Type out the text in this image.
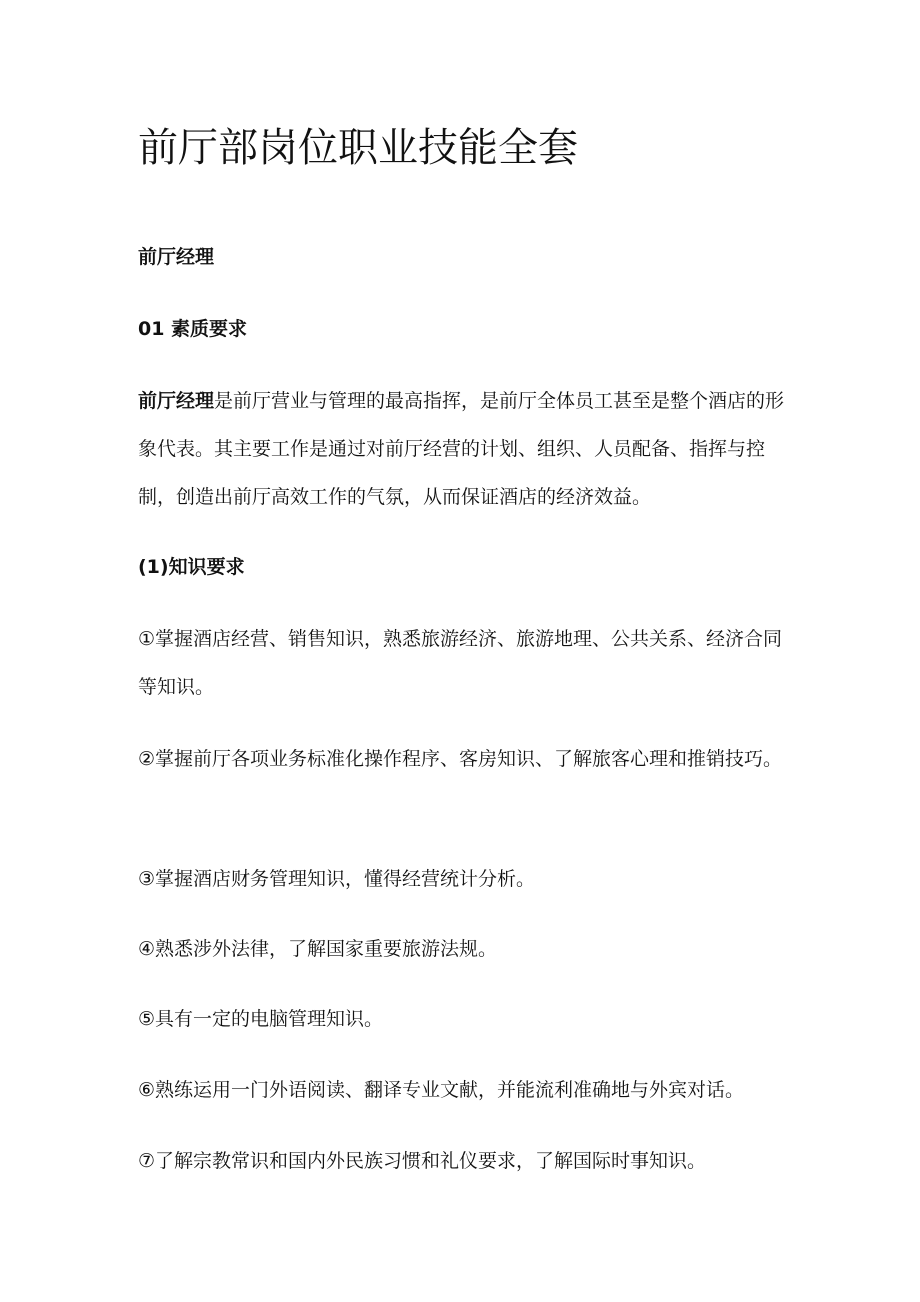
前厅部岗位职业技能全套
前厅经理
01 素质要求

前厅经理是前厅营业与管理的最高指挥，是前厅全体员工甚至是整个酒店的形象代表。其主要工作是通过对前厅经营的计划、组织、人员配备、指挥与控制，创造出前厅高效工作的气氛，从而保证酒店的经济效益。

(1)知识要求

①掌握酒店经营、销售知识，熟悉旅游经济、旅游地理、公共关系、经济合同等知识。

②掌握前厅各项业务标准化操作程序、客房知识、了解旅客心理和推销技巧。

③掌握酒店财务管理知识，懂得经营统计分析。

④熟悉涉外法律，了解国家重要旅游法规。

⑤具有一定的电脑管理知识。

⑥熟练运用一门外语阅读、翻译专业文献，并能流利准确地与外宾对话。

⑦了解宗教常识和国内外民族习惯和礼仪要求，了解国际时事知识。
